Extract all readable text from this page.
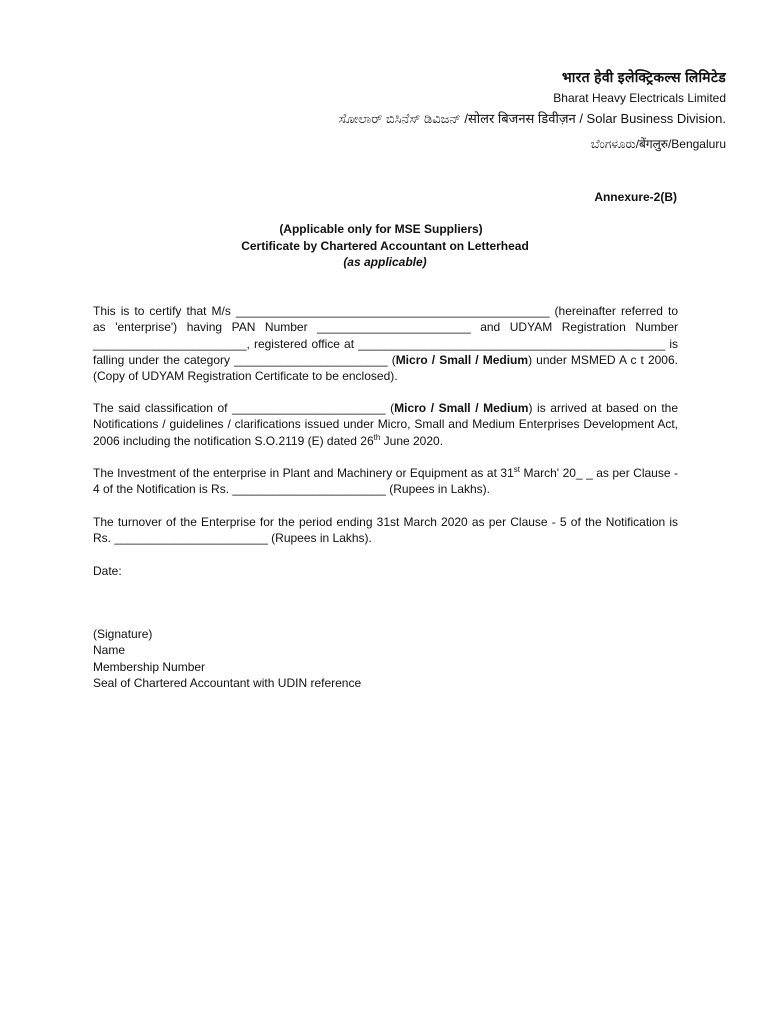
भारत हेवी इलेक्ट्रिकल्स लिमिटेड
Bharat Heavy Electricals Limited
ಸೋಲಾರ್ ಬಿಸಿನೆಸ್ ಡಿವಿಜನ್ /सोलर बिजनस डिवीज़न / Solar Business Division.
ಬೆಂಗಳೂರು/बेंगलुरु/Bengaluru
Annexure-2(B)
(Applicable only for MSE Suppliers)
Certificate by Chartered Accountant on Letterhead
(as applicable)

This is to certify that M/s _______________________________________________ (hereinafter referred to as 'enterprise') having PAN Number _______________________ and UDYAM Registration Number _______________________, registered office at ______________________________________________ is falling under the category _______________________ (Micro / Small / Medium) under MSMED A c t 2006. (Copy of UDYAM Registration Certificate to be enclosed).

The said classification of _______________________ (Micro / Small / Medium) is arrived at based on the Notifications / guidelines / clarifications issued under Micro, Small and Medium Enterprises Development Act, 2006 including the notification S.O.2119 (E) dated 26th June 2020.

The Investment of the enterprise in Plant and Machinery or Equipment as at 31st March' 20_ _ as per Clause - 4 of the Notification is Rs. _______________________ (Rupees in Lakhs).

The turnover of the Enterprise for the period ending 31st March 2020 as per Clause - 5 of the Notification is Rs. _______________________ (Rupees in Lakhs).

Date:
(Signature)
Name
Membership Number
Seal of Chartered Accountant with UDIN reference
